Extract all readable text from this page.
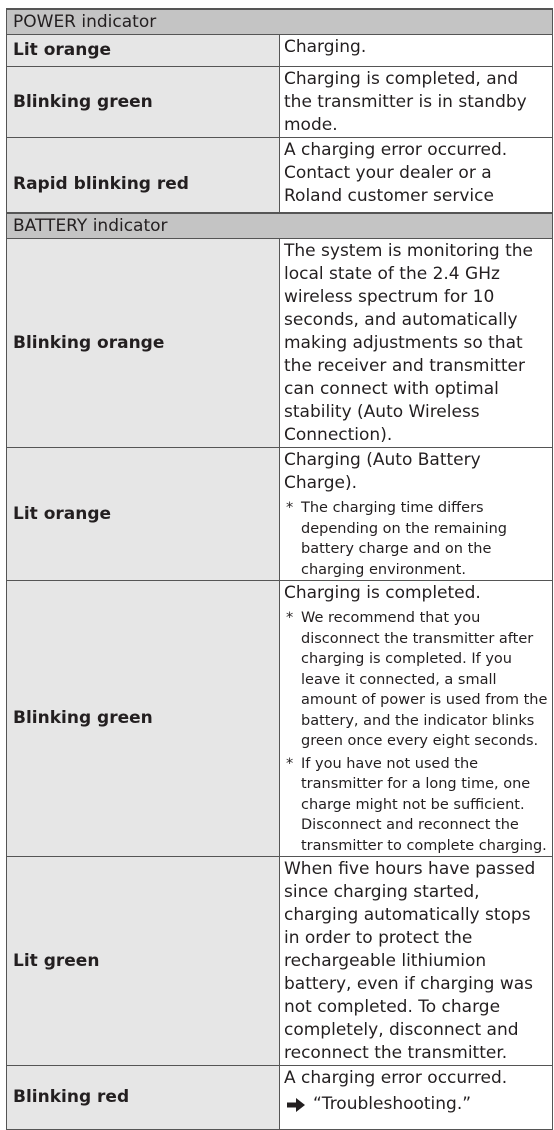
POWER indicator	
Lit orange	Charging.
Blinking green	Charging is completed, and the transmitter is in standby mode.
Rapid blinking red	A charging error occurred. Contact your dealer or a Roland customer service
BATTERY indicator	
Blinking orange	The system is monitoring the local state of the 2.4 GHz wireless spectrum for 10 seconds, and automatically making adjustments so that the receiver and transmitter can connect with optimal stability (Auto Wireless Connection).
Lit orange	Charging (Auto Battery Charge).
* The charging time differs depending on the remaining battery charge and on the charging environment.

Blinking green	Charging is completed.
* We recommend that you disconnect the transmitter after charging is completed. If you leave it connected, a small amount of power is used from the battery, and the indicator blinks green once every eight seconds.
* If you have not used the transmitter for a long time, one charge might not be sufficient. Disconnect and reconnect the transmitter to complete charging.

Lit green	When five hours have passed since charging started, charging automatically stops in order to protect the rechargeable lithiumion battery, even if charging was not completed. To charge completely, disconnect and reconnect the transmitter.
Blinking red	A charging error occurred.
“Troubleshooting.”
